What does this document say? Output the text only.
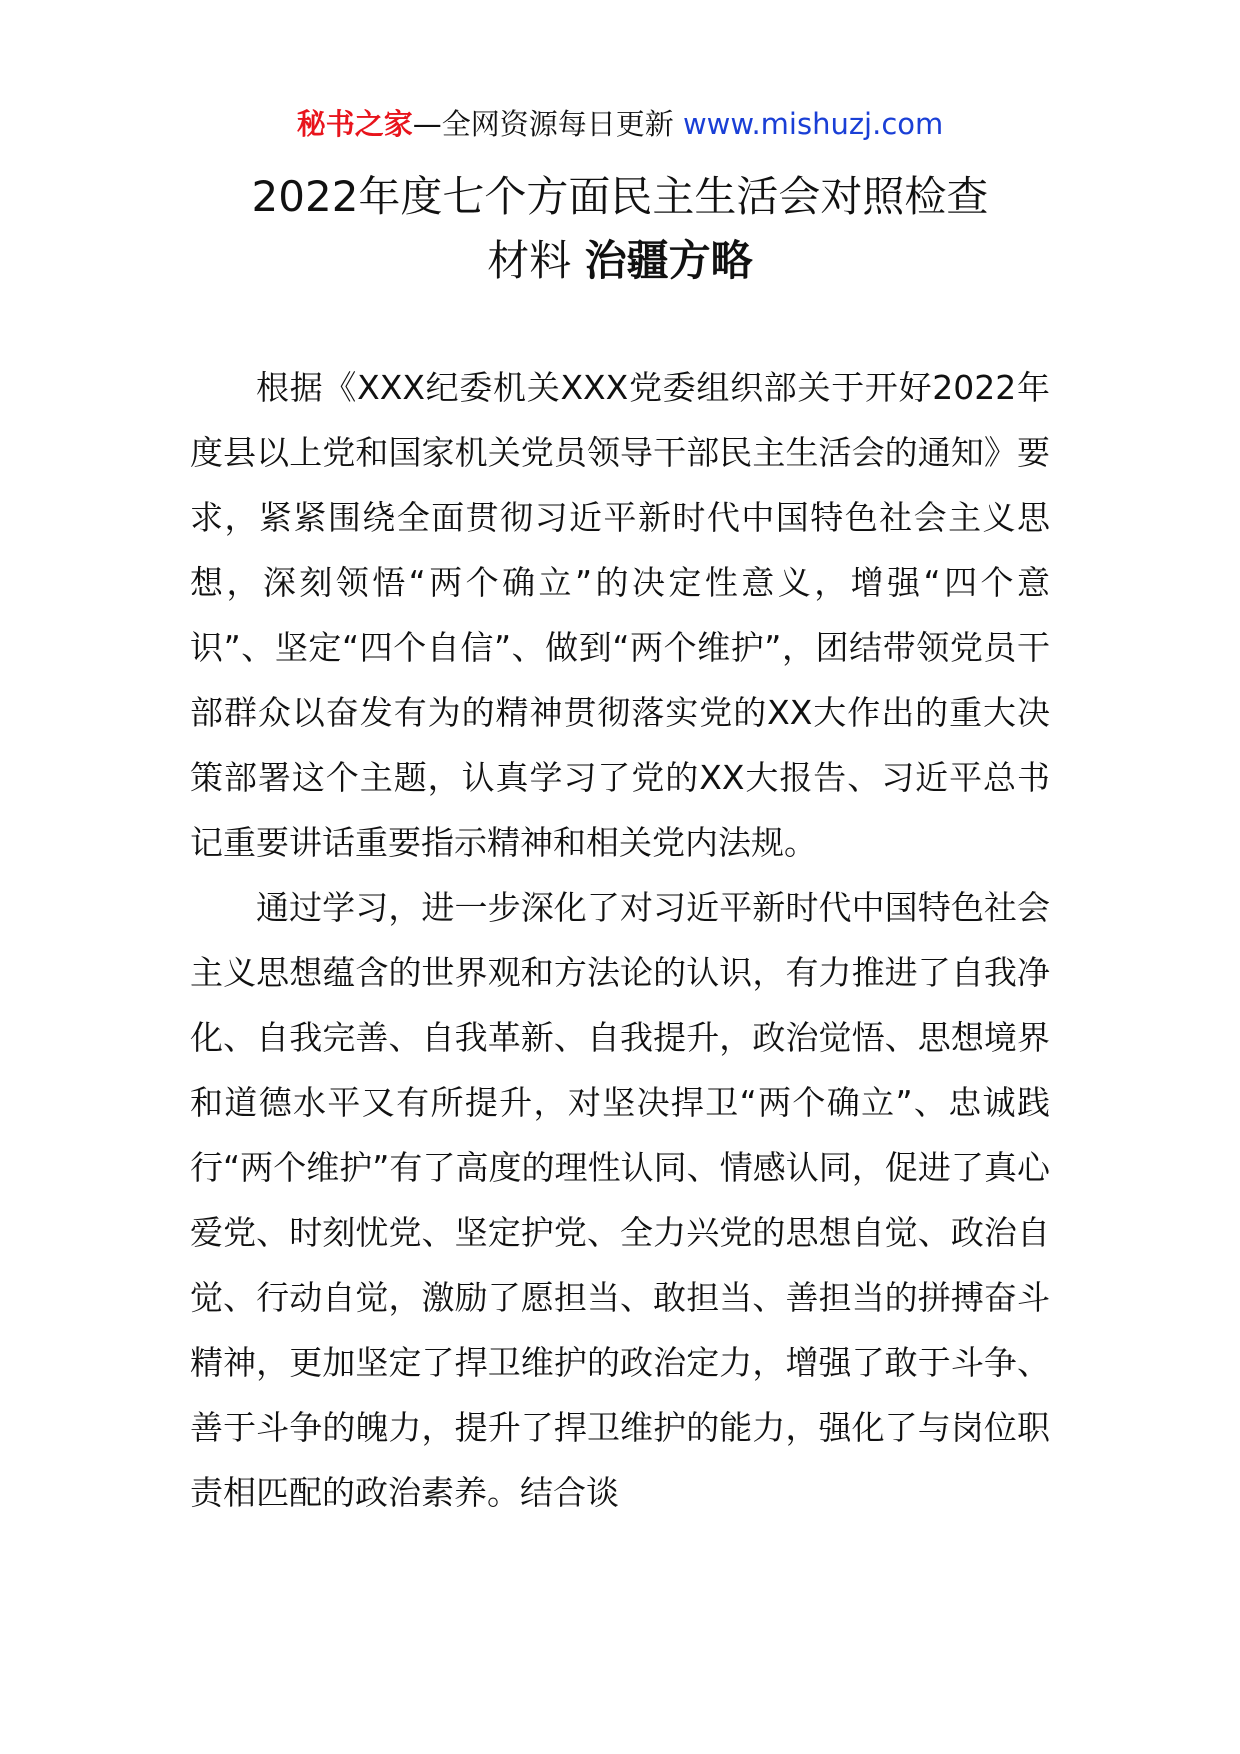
秘书之家—全网资源每日更新 www.mishuzj.com
2022年度七个方面民主生活会对照检查
材料 治疆方略

根据《XXX纪委机关XXX党委组织部关于开好2022年度县以上党和国家机关党员领导干部民主生活会的通知》要求，紧紧围绕全面贯彻习近平新时代中国特色社会主义思想，深刻领悟“两个确立”的决定性意义，增强“四个意识”、坚定“四个自信”、做到“两个维护”，团结带领党员干部群众以奋发有为的精神贯彻落实党的XX大作出的重大决策部署这个主题，认真学习了党的XX大报告、习近平总书记重要讲话重要指示精神和相关党内法规。

通过学习，进一步深化了对习近平新时代中国特色社会主义思想蕴含的世界观和方法论的认识，有力推进了自我净化、自我完善、自我革新、自我提升，政治觉悟、思想境界和道德水平又有所提升，对坚决捍卫“两个确立”、忠诚践行“两个维护”有了高度的理性认同、情感认同，促进了真心爱党、时刻忧党、坚定护党、全力兴党的思想自觉、政治自觉、行动自觉，激励了愿担当、敢担当、善担当的拼搏奋斗精神，更加坚定了捍卫维护的政治定力，增强了敢于斗争、善于斗争的魄力，提升了捍卫维护的能力，强化了与岗位职责相匹配的政治素养。结合谈
